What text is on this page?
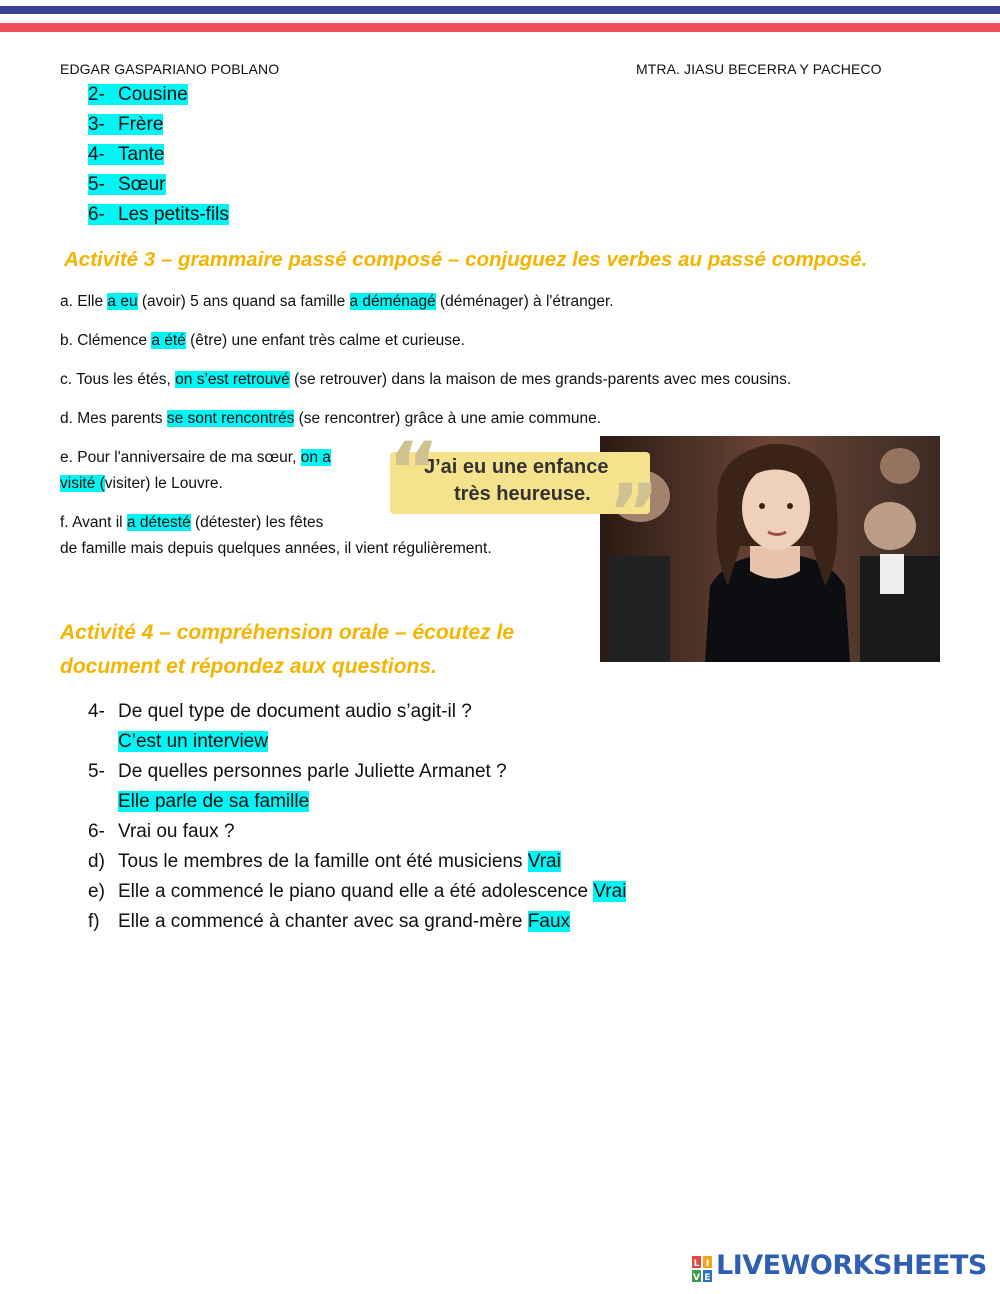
EDGAR GASPARIANO POBLANO	MTRA. JIASU BECERRA Y PACHECO
2- Cousine
3- Frère
4- Tante
5- Sœur
6- Les petits-fils
Activité 3 – grammaire passé composé – conjuguez les verbes au passé composé.

a. Elle a eu (avoir) 5 ans quand sa famille a déménagé (déménager) à l'étranger.

b. Clémence a été (être) une enfant très calme et curieuse.

c. Tous les étés, on s’est retrouvé (se retrouver) dans la maison de mes grands-parents avec mes cousins.

d. Mes parents se sont rencontrés (se rencontrer) grâce à une amie commune.

e. Pour l'anniversaire de ma sœur, on a
visité (visiter) le Louvre.

f. Avant il a détesté (détester) les fêtes
de famille mais depuis quelques années, il vient régulièrement.

“ ”
J’ai eu une enfance
très heureuse.
Activité 4 – compréhension orale – écoutez le
document et répondez aux questions.
4- De quel type de document audio s’agit-il ?
C’est un interview
5- De quelles personnes parle Juliette Armanet ?
Elle parle de sa famille
6- Vrai ou faux ?
d) Tous le membres de la famille ont été musiciens Vrai
e) Elle a commencé le piano quand elle a été adolescence Vrai
f) Elle a commencé à chanter avec sa grand-mère Faux
L I
V E LIVEWORKSHEETS
